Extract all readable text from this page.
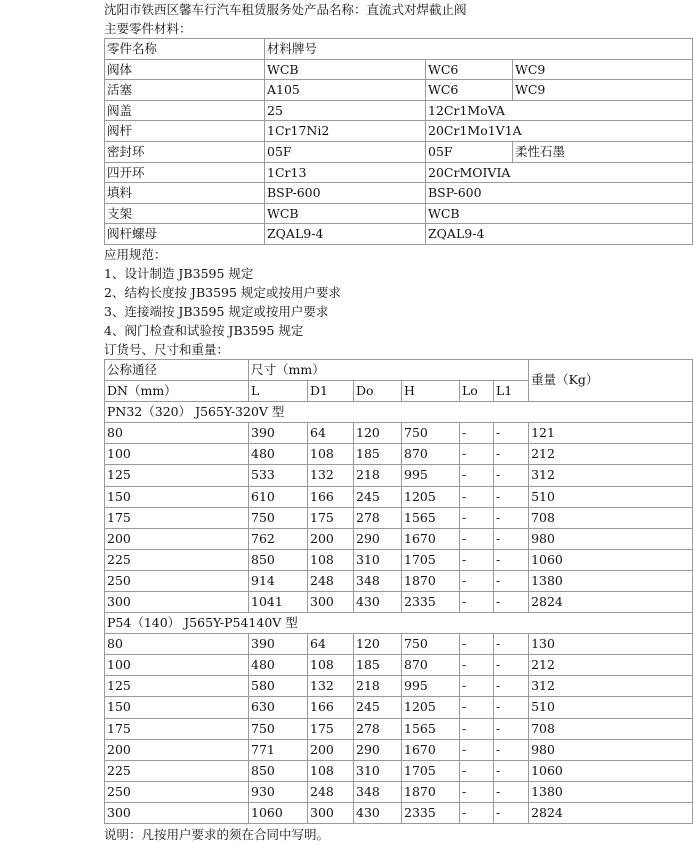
沈阳市铁西区馨车行汽车租赁服务处产品名称：直流式对焊截止阀
主要零件材料：
零件名称	材料牌号		
阀体	WCB	WC6	WC9
活塞	A105	WC6	WC9
阀盖	25	12Cr1MoVA	
阀杆	1Cr17Ni2	20Cr1Mo1V1A	
密封环	05F	05F	柔性石墨
四开环	1Cr13	20CrMOIVIA	
填料	BSP-600	BSP-600	
支架	WCB	WCB	
阀杆螺母	ZQAL9-4	ZQAL9-4	
应用规范：
1、设计制造 JB3595 规定
2、结构长度按 JB3595 规定或按用户要求
3、连接端按 JB3595 规定或按用户要求
4、阀门检查和试验按 JB3595 规定
订货号、尺寸和重量：
公称通径	尺寸（mm）						重量（Kg）
DN（mm）	L	D1	Do	H	Lo	L1	
PN32（320） J565Y-320V 型							
80	390	64	120	750	-	-	121
100	480	108	185	870	-	-	212
125	533	132	218	995	-	-	312
150	610	166	245	1205	-	-	510
175	750	175	278	1565	-	-	708
200	762	200	290	1670	-	-	980
225	850	108	310	1705	-	-	1060
250	914	248	348	1870	-	-	1380
300	1041	300	430	2335	-	-	2824
P54（140） J565Y-P54140V 型							
80	390	64	120	750	-	-	130
100	480	108	185	870	-	-	212
125	580	132	218	995	-	-	312
150	630	166	245	1205	-	-	510
175	750	175	278	1565	-	-	708
200	771	200	290	1670	-	-	980
225	850	108	310	1705	-	-	1060
250	930	248	348	1870	-	-	1380
300	1060	300	430	2335	-	-	2824
说明：凡按用户要求的须在合同中写明。
